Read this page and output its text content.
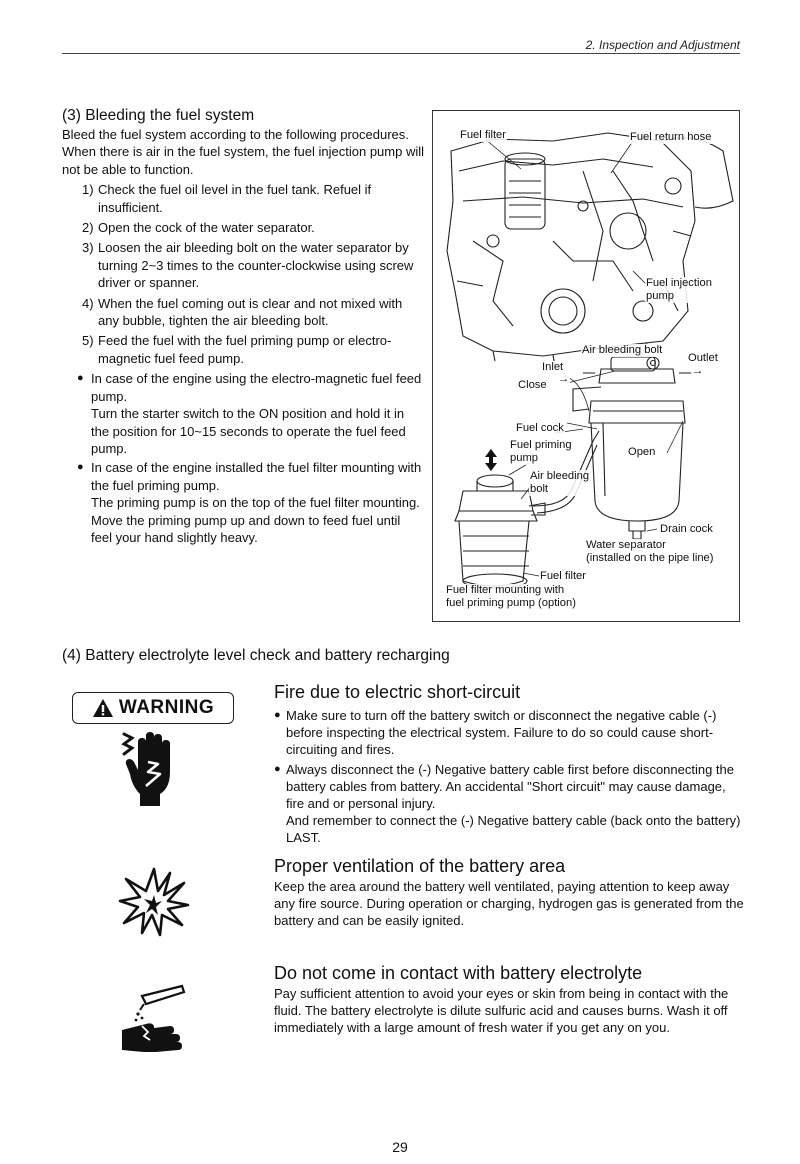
2. Inspection and Adjustment
(3) Bleeding the fuel system

Bleed the fuel system according to the following procedures. When there is air in the fuel system, the fuel injection pump will not be able to function.

1) Check the fuel oil level in the fuel tank. Refuel if insufficient.
2) Open the cock of the water separator.
3) Loosen the air bleeding bolt on the water separator by turning 2~3 times to the counter-clockwise using screw driver or spanner.
4) When the fuel coming out is clear and not mixed with any bubble, tighten the air bleeding bolt.
5) Feed the fuel with the fuel priming pump or electro-magnetic fuel feed pump.
● In case of the engine using the electro-magnetic fuel feed pump.
Turn the starter switch to the ON position and hold it in the position for 10~15 seconds to operate the fuel feed pump.
● In case of the engine installed the fuel filter mounting with the fuel priming pump.
The priming pump is on the top of the fuel filter mounting. Move the priming pump up and down to feed fuel until feel your hand slightly heavy.
Fuel filter	Fuel return hose
Fuel injection
pump
Air bleeding bolt
Outlet
→
Inlet
→
Close
Fuel cock
Fuel priming
pump	Open
Air bleeding
bolt
Drain cock
Water separator
(installed on the pipe line)
Fuel filter
Fuel filter mounting with
fuel priming pump (option)
(4) Battery electrolyte level check and battery recharging
WARNING
Fire due to electric short-circuit
● Make sure to turn off the battery switch or disconnect the negative cable (-) before inspecting the electrical system. Failure to do so could cause short-circuiting and fires.
● Always disconnect the (-) Negative battery cable first before disconnecting the battery cables from battery. An accidental "Short circuit" may cause damage, fire and or personal injury.
And remember to connect the (-) Negative battery cable (back onto the battery) LAST.
Proper ventilation of the battery area
Keep the area around the battery well ventilated, paying attention to keep away any fire source. During operation or charging, hydrogen gas is generated from the battery and can be easily ignited.
Do not come in contact with battery electrolyte
Pay sufficient attention to avoid your eyes or skin from being in contact with the fluid. The battery electrolyte is dilute sulfuric acid and causes burns. Wash it off immediately with a large amount of fresh water if you get any on you.
29
